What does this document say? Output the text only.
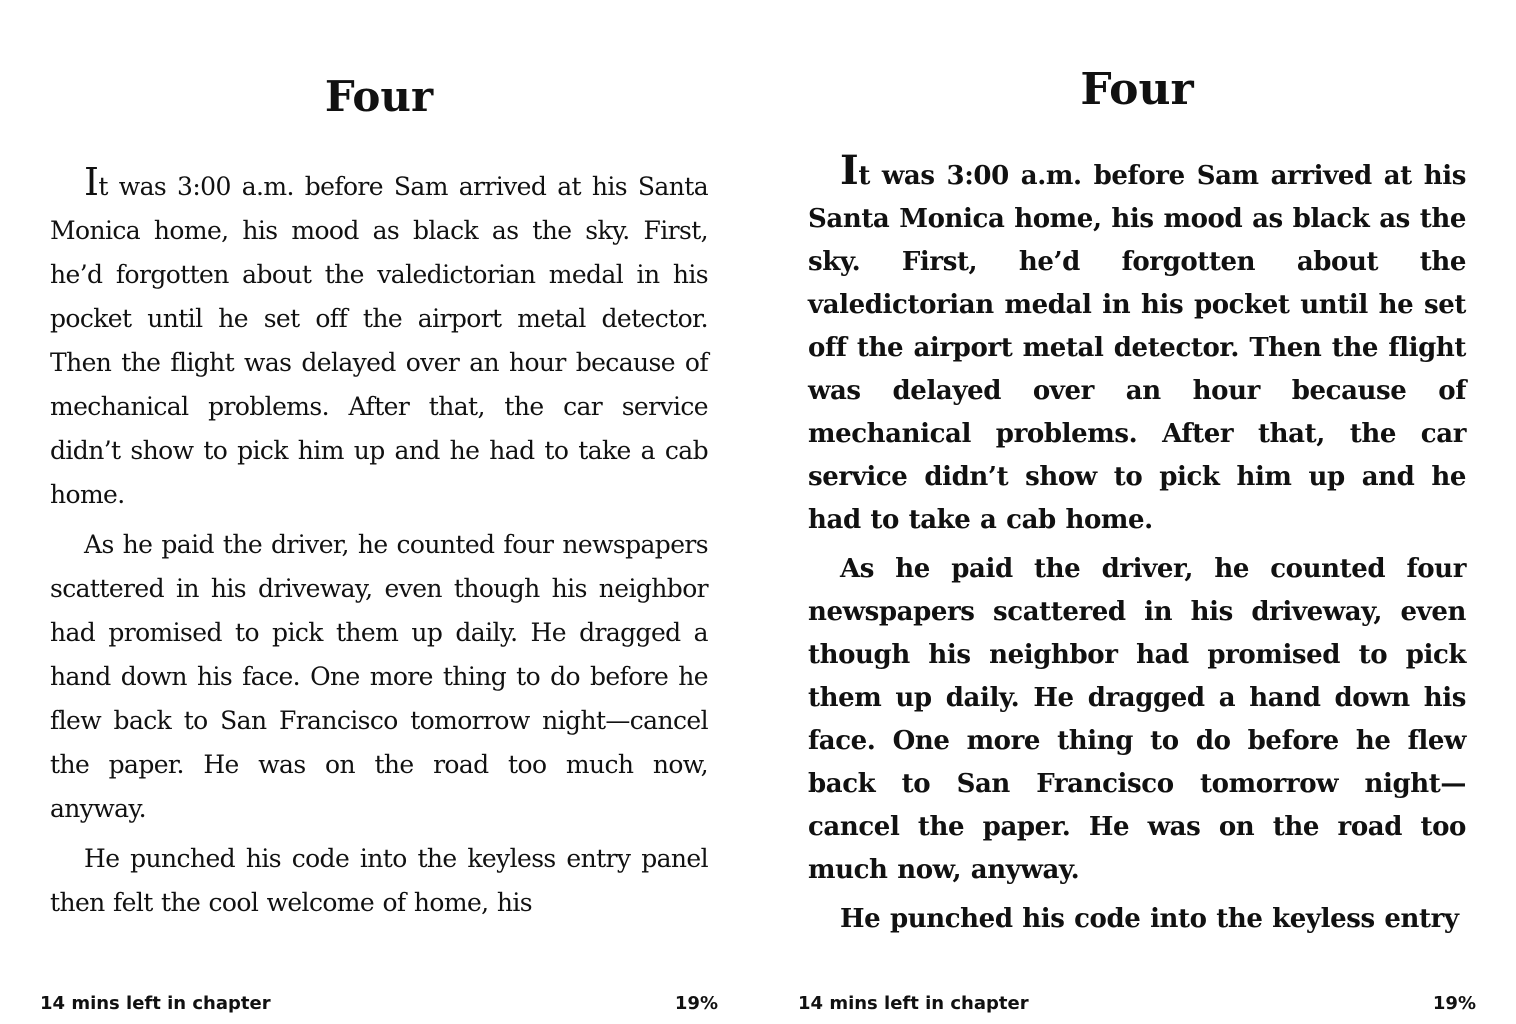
Four

It was 3:00 a.m. before Sam arrived at his Santa Monica home, his mood as black as the sky. First, he’d forgotten about the valedictorian medal in his pocket until he set off the airport metal detector. Then the flight was delayed over an hour because of mechanical problems. After that, the car service didn’t show to pick him up and he had to take a cab home.

As he paid the driver, he counted four newspapers scattered in his driveway, even though his neighbor had promised to pick them up daily. He dragged a hand down his face. One more thing to do before he flew back to San Francisco tomorrow night—cancel the paper. He was on the road too much now, anyway.

He punched his code into the keyless entry panel then felt the cool welcome of home, his

14 mins left in chapter	19%
Four

It was 3:00 a.m. before Sam arrived at his Santa Monica home, his mood as black as the sky. First, he’d forgotten about the valedictorian medal in his pocket until he set off the airport metal detector. Then the flight was delayed over an hour because of mechanical problems. After that, the car service didn’t show to pick him up and he had to take a cab home.

As he paid the driver, he counted four newspapers scattered in his driveway, even though his neighbor had promised to pick them up daily. He dragged a hand down his face. One more thing to do before he flew back to San Francisco tomorrow night—cancel the paper. He was on the road too much now, anyway.

He punched his code into the keyless entry

14 mins left in chapter	19%
